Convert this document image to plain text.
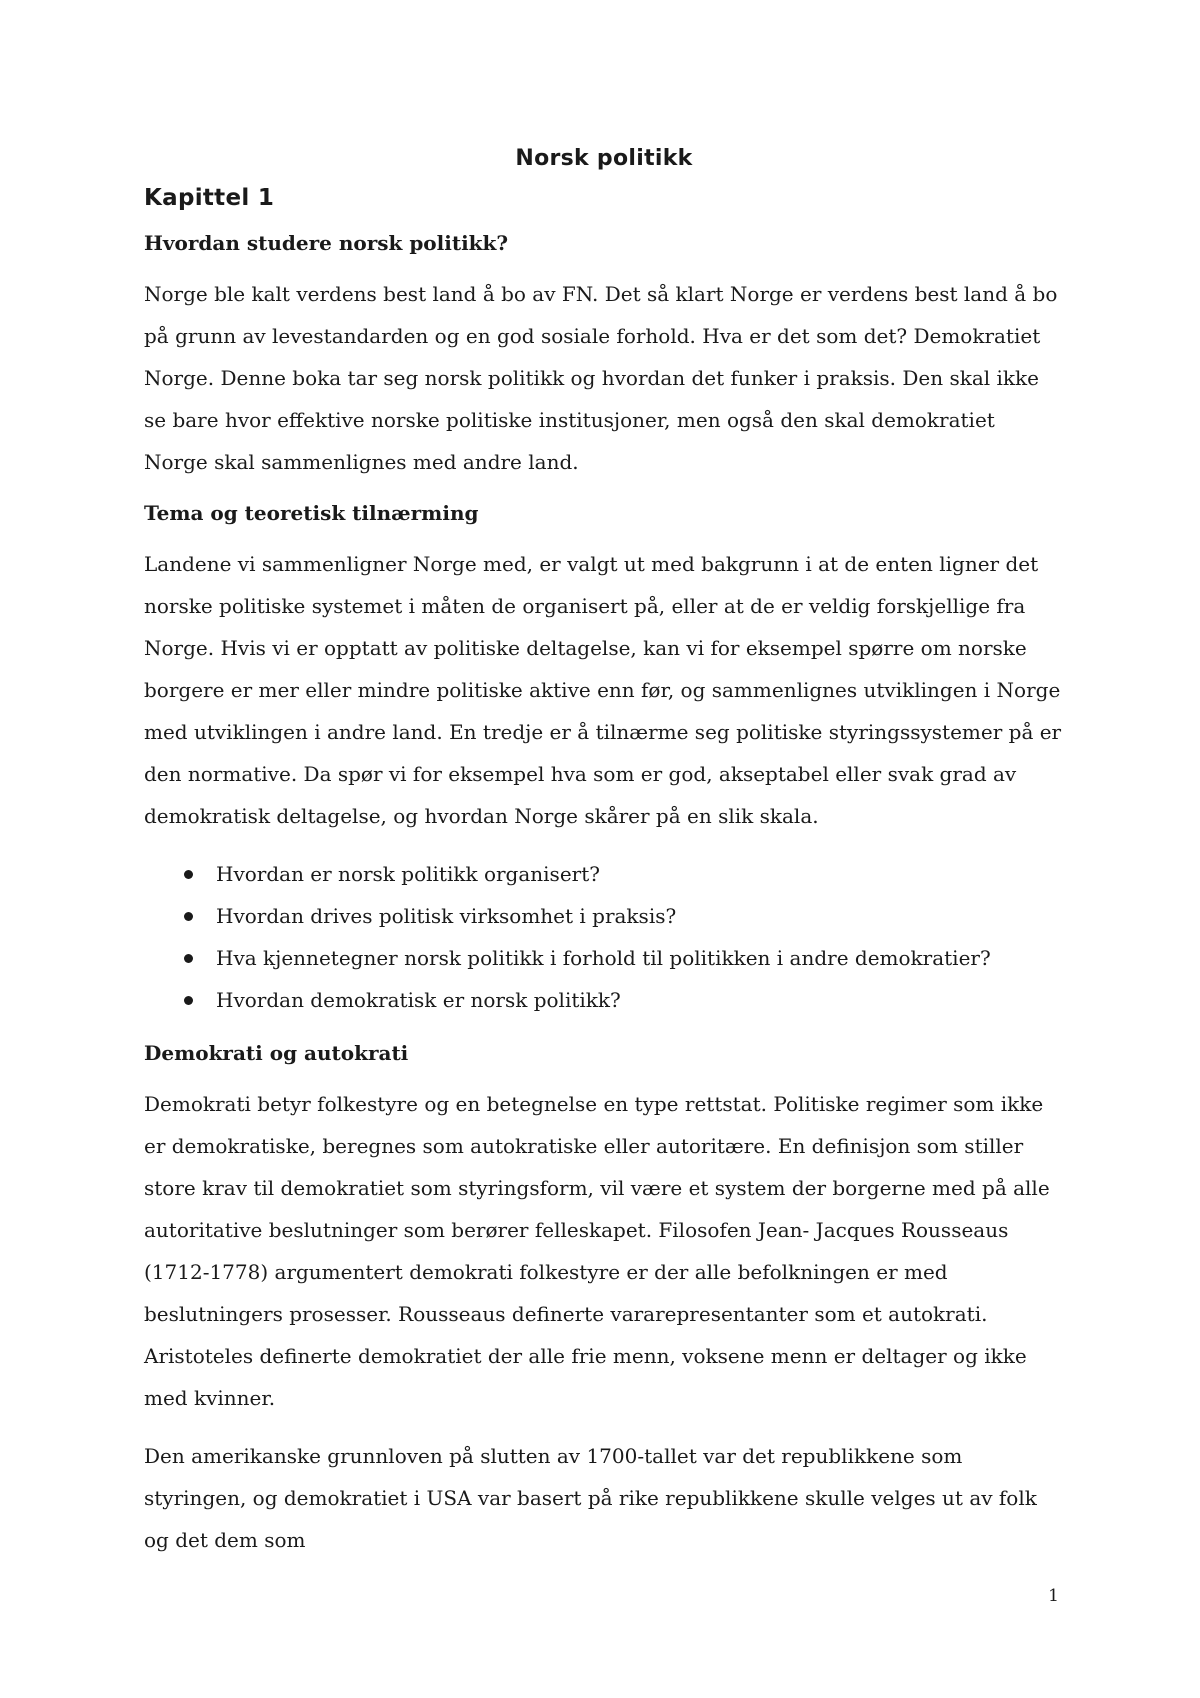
Norsk politikk
Kapittel 1
Hvordan studere norsk politikk?

Norge ble kalt verdens best land å bo av FN. Det så klart Norge er verdens best land å bo på grunn av levestandarden og en god sosiale forhold. Hva er det som det? Demokratiet Norge. Denne boka tar seg norsk politikk og hvordan det funker i praksis. Den skal ikke se bare hvor effektive norske politiske institusjoner, men også den skal demokratiet Norge skal sammenlignes med andre land.

Tema og teoretisk tilnærming

Landene vi sammenligner Norge med, er valgt ut med bakgrunn i at de enten ligner det norske politiske systemet i måten de organisert på, eller at de er veldig forskjellige fra Norge. Hvis vi er opptatt av politiske deltagelse, kan vi for eksempel spørre om norske borgere er mer eller mindre politiske aktive enn før, og sammenlignes utviklingen i Norge med utviklingen i andre land. En tredje er å tilnærme seg politiske styringssystemer på er den normative. Da spør vi for eksempel hva som er god, akseptabel eller svak grad av demokratisk deltagelse, og hvordan Norge skårer på en slik skala.

Hvordan er norsk politikk organisert?
Hvordan drives politisk virksomhet i praksis?
Hva kjennetegner norsk politikk i forhold til politikken i andre demokratier?
Hvordan demokratisk er norsk politikk?
Demokrati og autokrati

Demokrati betyr folkestyre og en betegnelse en type rettstat. Politiske regimer som ikke er demokratiske, beregnes som autokratiske eller autoritære. En definisjon som stiller store krav til demokratiet som styringsform, vil være et system der borgerne med på alle autoritative beslutninger som berører felleskapet. Filosofen Jean- Jacques Rousseaus (1712-1778) argumentert demokrati folkestyre er der alle befolkningen er med beslutningers prosesser. Rousseaus definerte vararepresentanter som et autokrati. Aristoteles definerte demokratiet der alle frie menn, voksene menn er deltager og ikke med kvinner.

Den amerikanske grunnloven på slutten av 1700-tallet var det republikkene som styringen, og demokratiet i USA var basert på rike republikkene skulle velges ut av folk og det dem som

1
